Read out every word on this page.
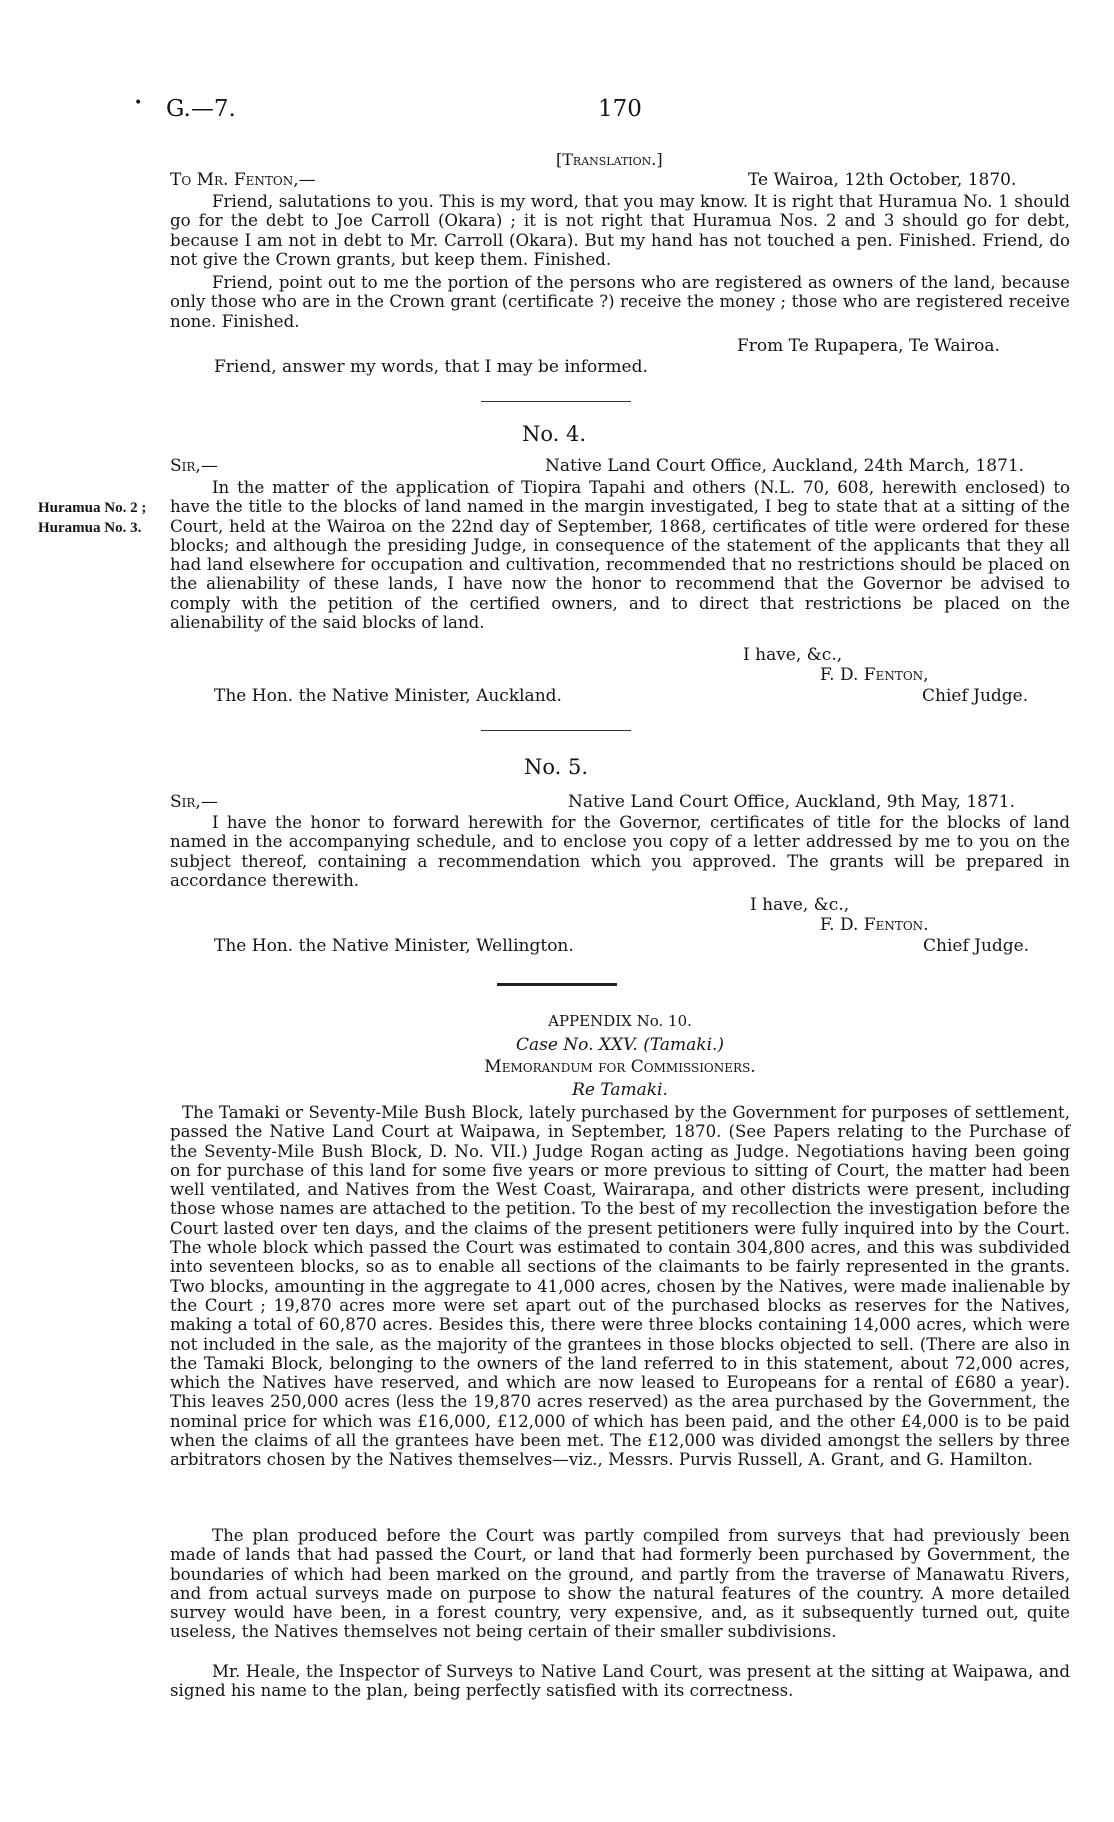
• G.—7.	170
[Translation.]
To Mr. Fenton,—	Te Wairoa, 12th October, 1870.
Friend, salutations to you. This is my word, that you may know. It is right that Huramua No. 1 should go for the debt to Joe Carroll (Okara) ; it is not right that Huramua Nos. 2 and 3 should go for debt, because I am not in debt to Mr. Carroll (Okara). But my hand has not touched a pen. Finished. Friend, do not give the Crown grants, but keep them. Finished.
Friend, point out to me the portion of the persons who are registered as owners of the land, because only those who are in the Crown grant (certificate ?) receive the money ; those who are registered receive none. Finished.
From Te Rupapera, Te Wairoa.
Friend, answer my words, that I may be informed.
No. 4.
Sir,—	Native Land Court Office, Auckland, 24th March, 1871.
Huramua No. 2 ;
Huramua No. 3.
In the matter of the application of Tiopira Tapahi and others (N.L. 70, 608, herewith enclosed) to have the title to the blocks of land named in the margin investigated, I beg to state that at a sitting of the Court, held at the Wairoa on the 22nd day of September, 1868, certificates of title were ordered for these blocks; and although the presiding Judge, in consequence of the statement of the applicants that they all had land elsewhere for occupation and cultivation, recommended that no restrictions should be placed on the alienability of these lands, I have now the honor to recommend that the Governor be advised to comply with the petition of the certified owners, and to direct that restrictions be placed on the alienability of the said blocks of land.
I have, &c.,
F. D. Fenton,
The Hon. the Native Minister, Auckland.	Chief Judge.
No. 5.
Sir,—	Native Land Court Office, Auckland, 9th May, 1871.
I have the honor to forward herewith for the Governor, certificates of title for the blocks of land named in the accompanying schedule, and to enclose you copy of a letter addressed by me to you on the subject thereof, containing a recommendation which you approved. The grants will be prepared in accordance therewith.
I have, &c.,
F. D. Fenton.
The Hon. the Native Minister, Wellington.	Chief Judge.
APPENDIX No. 10.
Case No. XXV. (Tamaki.)
Memorandum for Commissioners.
Re Tamaki.
The Tamaki or Seventy-Mile Bush Block, lately purchased by the Government for purposes of settlement, passed the Native Land Court at Waipawa, in September, 1870. (See Papers relating to the Purchase of the Seventy-Mile Bush Block, D. No. VII.) Judge Rogan acting as Judge. Negotiations having been going on for purchase of this land for some five years or more previous to sitting of Court, the matter had been well ventilated, and Natives from the West Coast, Wairarapa, and other districts were present, including those whose names are attached to the petition. To the best of my recollection the investigation before the Court lasted over ten days, and the claims of the present petitioners were fully inquired into by the Court. The whole block which passed the Court was estimated to contain 304,800 acres, and this was subdivided into seventeen blocks, so as to enable all sections of the claimants to be fairly represented in the grants. Two blocks, amounting in the aggregate to 41,000 acres, chosen by the Natives, were made inalienable by the Court ; 19,870 acres more were set apart out of the purchased blocks as reserves for the Natives, making a total of 60,870 acres. Besides this, there were three blocks containing 14,000 acres, which were not included in the sale, as the majority of the grantees in those blocks objected to sell. (There are also in the Tamaki Block, belonging to the owners of the land referred to in this statement, about 72,000 acres, which the Natives have reserved, and which are now leased to Europeans for a rental of £680 a year). This leaves 250,000 acres (less the 19,870 acres reserved) as the area purchased by the Government, the nominal price for which was £16,000, £12,000 of which has been paid, and the other £4,000 is to be paid when the claims of all the grantees have been met. The £12,000 was divided amongst the sellers by three arbitrators chosen by the Natives themselves—viz., Messrs. Purvis Russell, A. Grant, and G. Hamilton.
The plan produced before the Court was partly compiled from surveys that had previously been made of lands that had passed the Court, or land that had formerly been purchased by Government, the boundaries of which had been marked on the ground, and partly from the traverse of Manawatu Rivers, and from actual surveys made on purpose to show the natural features of the country. A more detailed survey would have been, in a forest country, very expensive, and, as it subsequently turned out, quite useless, the Natives themselves not being certain of their smaller subdivisions.
Mr. Heale, the Inspector of Surveys to Native Land Court, was present at the sitting at Waipawa, and signed his name to the plan, being perfectly satisfied with its correctness.
